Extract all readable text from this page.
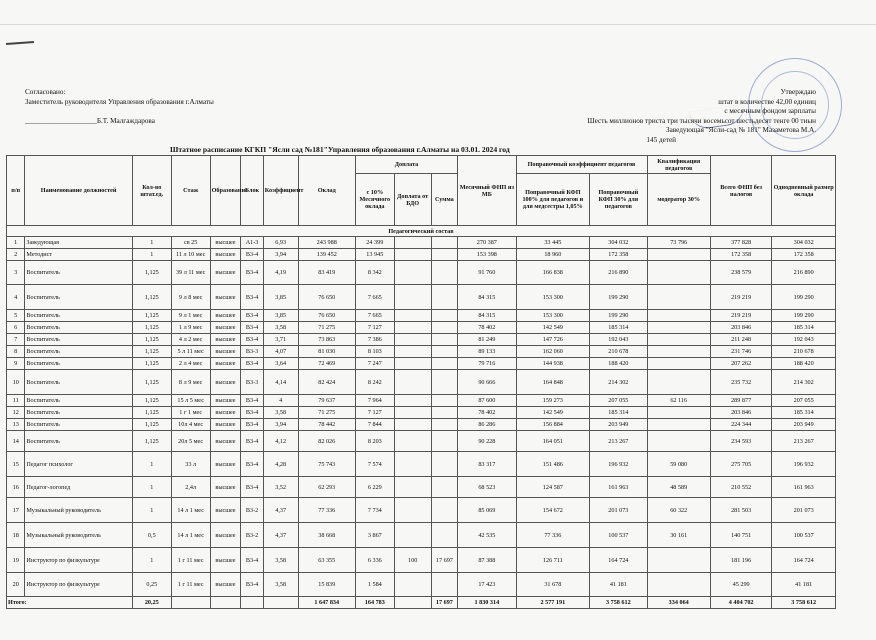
Согласовано:
Заместитель руководителя Управления образования г.Алматы
____________________Б.Т. Малгаждарова
Утверждаю
штат в количестве 42,00 единиц
с месячным фондом зарплаты
Шесть миллионов триста три тысячи восемьсот шестьдесят тенге 00 тиын
Заведующая "Ясли-сад № 181" Мазаметова М.А.
145 детей
Штатное расписание КГКП "Ясли сад №181"Управления образования г.Алматы на 03.01. 2024 год
п/п	Наименование должностей	Кол-во штат.ед.	Стаж	Образование	Блок	Коэффициент	Оклад	Доплата			Месячный ФНП из МБ	Поправочный коэффициент педагогов		Квалификация педагогов	Всего ФНП без налогов	Однодневный размер оклада
								с 10% Месячного оклада	Доплата от БДО	Сумма		Поправочный КФП 100% для педагогов и для медсестры 1,05%	Поправочный КФП 30% для педагогов	модератор 30%		
Педагогический состав																
1	Заведующая	1	св 25	высшее	А1-3	6,93	243 988	24 399			270 387	33 445	304 032	73 796	377 828	304 032
2	Методист	1	11 л 10 мес	высшее	В3-4	3,94	139 452	13 945			153 398	18 960	172 358		172 358	172 358
3	Воспитатель	1,125	39 л 11 мес	высшее	В3-4	4,19	83 419	8 342			91 760	166 838	216 890		238 579	216 890
4	Воспитатель	1,125	9 л 8 мес	высшее	В3-4	3,85	76 650	7 665			84 315	153 300	199 290		219 219	199 290
5	Воспитатель	1,125	9 л 1 мес	высшее	В3-4	3,85	76 650	7 665			84 315	153 300	199 290		219 219	199 290
6	Воспитатель	1,125	1 л 9 мес	высшее	В3-4	3,58	71 275	7 127			78 402	142 549	185 314		203 846	185 314
7	Воспитатель	1,125	4 л 2 мес	высшее	В3-4	3,71	73 863	7 386			81 249	147 726	192 043		211 248	192 043
8	Воспитатель	1,125	5 л 11 мес	высшее	В3-3	4,07	81 030	8 103			89 133	162 060	210 678		231 746	210 678
9	Воспитатель	1,125	2 л 4 мес	высшее	В3-4	3,64	72 469	7 247			79 716	144 938	188 420		207 262	188 420
10	Воспитатель	1,125	8 л 9 мес	высшее	В3-3	4,14	82 424	8 242			90 666	164 848	214 302		235 732	214 302
11	Воспитатель	1,125	15 л 5 мес	высшее	В3-4	4	79 637	7 964			87 600	159 273	207 055	62 116	289 877	207 055
12	Воспитатель	1,125	1 г 1 мес	высшее	В3-4	3,58	71 275	7 127			78 402	142 549	185 314		203 846	185 314
13	Воспитатель	1,125	10л 4 мес	высшее	В3-4	3,94	78 442	7 844			86 286	156 884	203 949		224 344	203 949
14	Воспитатель	1,125	20л 5 мес	высшее	В3-4	4,12	82 026	8 203			90 228	164 051	213 267		234 593	213 267
15	Педагог психолог	1	33 л	высшее	В3-4	4,28	75 743	7 574			83 317	151 486	196 932	59 080	275 705	196 932
16	Педагог-логопед	1	2,4л	высшее	В3-4	3,52	62 293	6 229			68 523	124 587	161 963	48 589	210 552	161 963
17	Музыкальный руководитель	1	14 л 1 мес	высшее	В3-2	4,37	77 336	7 734			85 069	154 672	201 073	60 322	281 503	201 073
18	Музыкальный руководитель	0,5	14 л 1 мес	высшее	В3-2	4,37	38 668	3 867			42 535	77 336	100 537	30 161	140 751	100 537
19	Инструктор по физкультуре	1	1 г 11 мес	высшее	В3-4	3,58	63 355	6 336	100	17 697	87 388	126 711	164 724		181 196	164 724
20	Инструктор по физкультуре	0,25	1 г 11 мес	высшее	В3-4	3,58	15 839	1 584			17 423	31 678	41 181		45 299	41 181
Итого:		20,25					1 647 834	164 783		17 697	1 830 314	2 577 191	3 758 612	334 064	4 404 702	3 758 612
